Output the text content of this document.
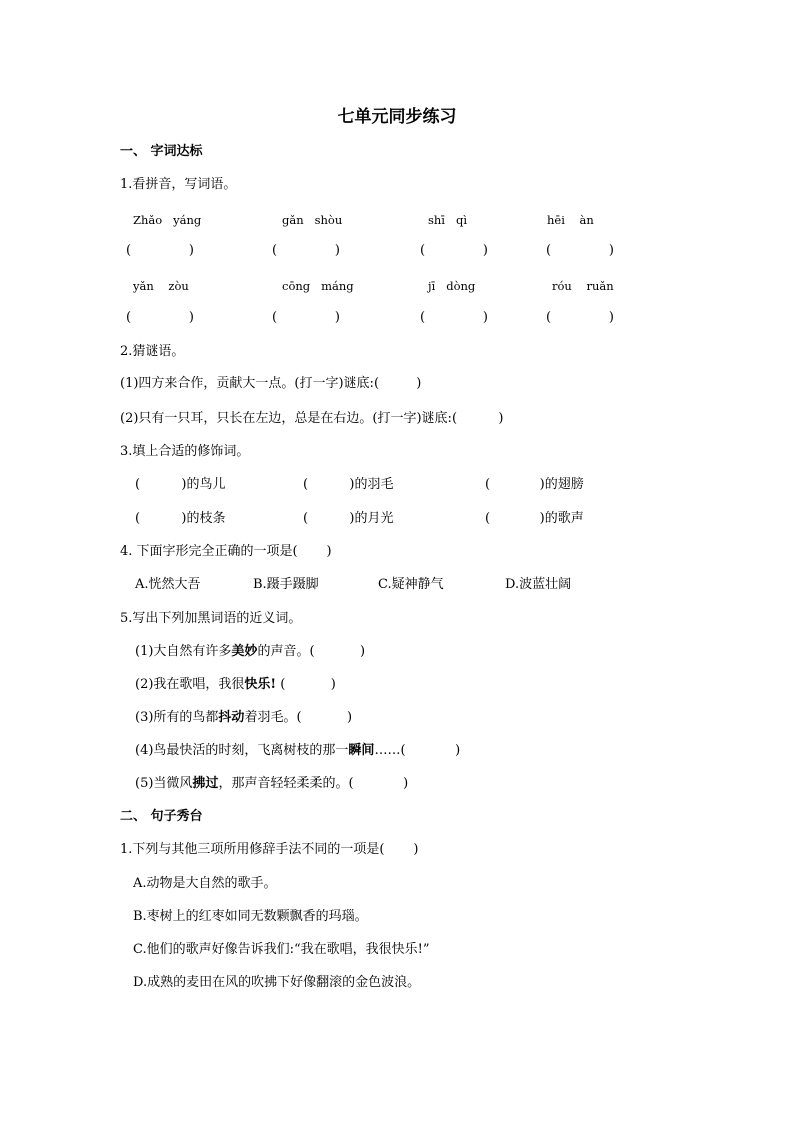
七单元同步练习
一、 字词达标
1.看拼音，写词语。
Zhǎo   yáng	gǎn   shòu	shī   qì	hēi    àn
(              )	(              )	(              )	(              )
yǎn    zòu	cōng   máng	jī   dòng	róu    ruǎn
(              )	(              )	(              )	(              )
2.猜谜语。
(1)四方来合作，贡献大一点。(打一字)谜底:(         )
(2)只有一只耳，只长在左边，总是在右边。(打一字)谜底:(          )
3.填上合适的修饰词。
(          )的鸟儿	(          )的羽毛	(            )的翅膀
(          )的枝条	(          )的月光	(            )的歌声
4. 下面字形完全正确的一项是(       )
A.恍然大吾	B.蹑手蹑脚	C.疑神静气	D.波蓝壮阔
5.写出下列加黑词语的近义词。
(1)大自然有许多美妙的声音。(           )
(2)我在歌唱，我很快乐! (           )
(3)所有的鸟都抖动着羽毛。(           )
(4)鸟最快活的时刻，飞离树枝的那一瞬间……(            )
(5)当微风拂过，那声音轻轻柔柔的。(            )
二、 句子秀台
1.下列与其他三项所用修辞手法不同的一项是(       )
A.动物是大自然的歌手。
B.枣树上的红枣如同无数颗飘香的玛瑙。
C.他们的歌声好像告诉我们:“我在歌唱，我很快乐!”
D.成熟的麦田在风的吹拂下好像翻滚的金色波浪。
